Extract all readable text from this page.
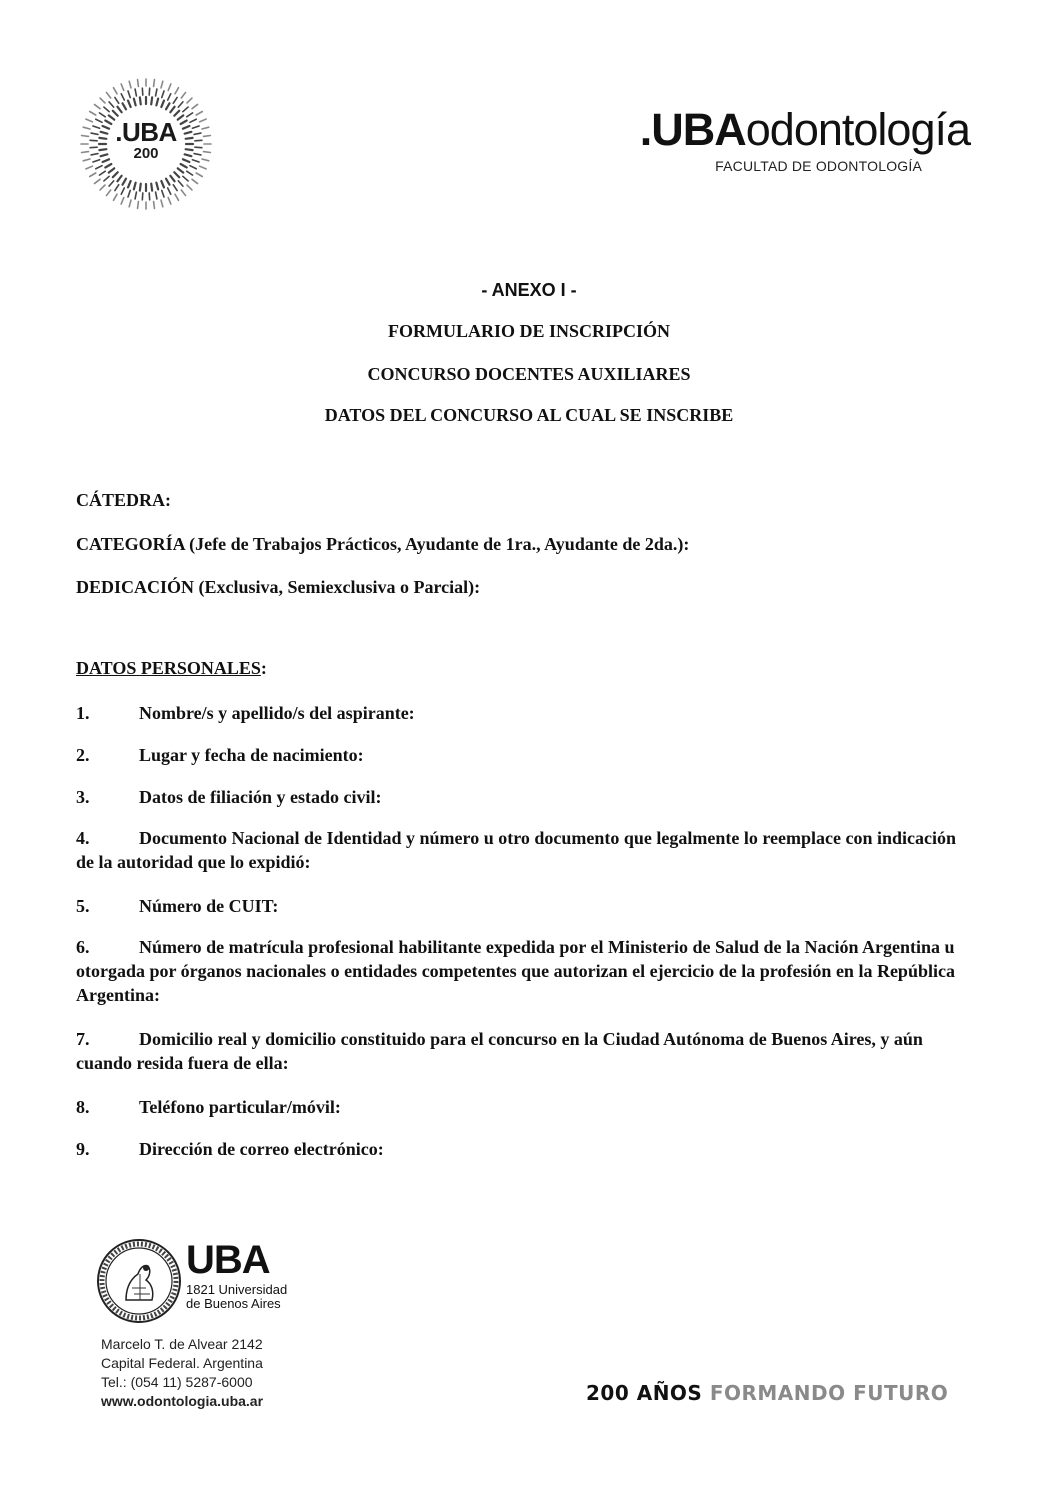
.UBA
200	.UBAodontología
FACULTAD DE ODONTOLOGÍA
- ANEXO I -
FORMULARIO DE INSCRIPCIÓN
CONCURSO DOCENTES AUXILIARES
DATOS DEL CONCURSO AL CUAL SE INSCRIBE
CÁTEDRA:
CATEGORÍA (Jefe de Trabajos Prácticos, Ayudante de 1ra., Ayudante de 2da.):
DEDICACIÓN (Exclusiva, Semiexclusiva o Parcial):
DATOS PERSONALES:
1.	Nombre/s y apellido/s del aspirante:
2.	Lugar y fecha de nacimiento:
3.	Datos de filiación y estado civil:
4.	Documento Nacional de Identidad y número u otro documento que legalmente lo reemplace con indicación de la autoridad que lo expidió:
5.	Número de CUIT:
6.	Número de matrícula profesional habilitante expedida por el Ministerio de Salud de la Nación Argentina u otorgada por órganos nacionales o entidades competentes que autorizan el ejercicio de la profesión en la República Argentina:
7.	Domicilio real y domicilio constituido para el concurso en la Ciudad Autónoma de Buenos Aires, y aún cuando resida fuera de ella:
8.	Teléfono particular/móvil:
9.	Dirección de correo electrónico:
UBA
1821 Universidad
de Buenos Aires
Marcelo T. de Alvear 2142
Capital Federal. Argentina
Tel.: (054 11) 5287-6000
www.odontologia.uba.ar	200 AÑOS FORMANDO FUTURO
